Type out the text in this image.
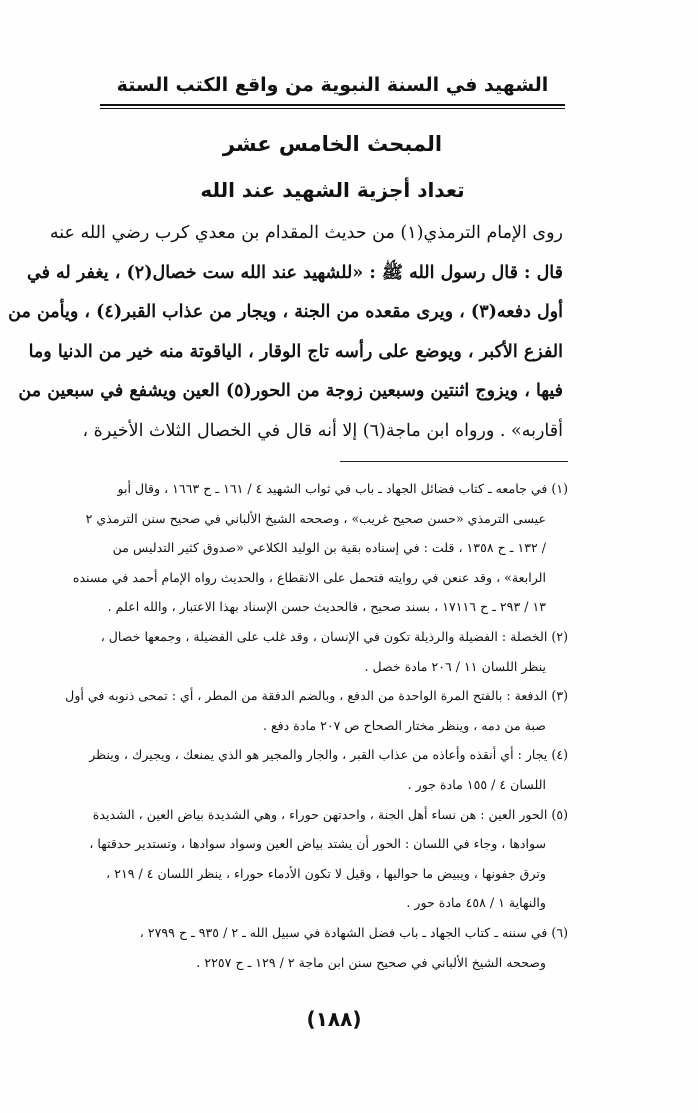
الشهيد في السنة النبوية من واقع الكتب الستة
المبحث الخامس عشر
تعداد أجزية الشهيد عند الله
روى الإمام الترمذي(١) من حديث المقدام بن معدي كرب رضي الله عنه
قال : قال رسول الله ﷺ : «للشهيد عند الله ست خصال(٢) ، يغفر له في
أول دفعه(٣) ، ويرى مقعده من الجنة ، ويجار من عذاب القبر(٤) ، ويأمن من
الفزع الأكبر ، ويوضع على رأسه تاج الوقار ، الياقوتة منه خير من الدنيا وما
فيها ، ويزوج اثنتين وسبعين زوجة من الحور(٥) العين ويشفع في سبعين من
أقاربه» . ورواه ابن ماجة(٦) إلا أنه قال في الخصال الثلاث الأخيرة ،
(١) في جامعه ـ كتاب فضائل الجهاد ـ باب في ثواب الشهيد ٤ / ١٦١ ـ ح ١٦٦٣ ، وقال أبو
عيسى الترمذي «حسن صحيح غريب» ، وصححه الشيخ الألباني في صحيح سنن الترمذي ٢
/ ١٣٢ ـ ح ١٣٥٨ ، قلت : في إسناده بقية بن الوليد الكلاعي «صدوق كثير التدليس من
الرابعة» ، وقد عنعن في روايته فتحمل على الانقطاع ، والحديث رواه الإمام أحمد في مسنده
١٣ / ٢٩٣ ـ ح ١٧١١٦ ، بسند صحيح ، فالحديث حسن الإسناد بهذا الاعتبار ، والله اعلم .
(٢) الخصلة : الفضيلة والرذيلة تكون في الإنسان ، وقد غلب على الفضيلة ، وجمعها خصال ،
ينظر اللسان ١١ / ٢٠٦ مادة خصل .
(٣) الدفعة : بالفتح المرة الواحدة من الدفع ، وبالضم الدفقة من المطر ، أي : تمحى ذنوبه في أول
صبة من دمه ، وينظر مختار الصحاح ص ٢٠٧ مادة دفع .
(٤) يجار : أي أنقذه وأعاذه من عذاب القبر ، والجار والمجير هو الذي يمنعك ، ويجيرك ، وينظر
اللسان ٤ / ١٥٥ مادة جور .
(٥) الحور العين : هن نساء أهل الجنة ، واحدتهن حوراء ، وهي الشديدة بياض العين ، الشديدة
سوادها ، وجاء في اللسان : الحور أن يشتد بياض العين وسواد سوادها ، وتستدير حدقتها ،
وترق جفونها ، ويبيض ما حواليها ، وقيل لا تكون الأدماء حوراء ، ينظر اللسان ٤ / ٢١٩ ،
والنهاية ١ / ٤٥٨ مادة حور .
(٦) في سننه ـ كتاب الجهاد ـ باب فضل الشهادة في سبيل الله ـ ٢ / ٩٣٥ ـ ح ٢٧٩٩ ،
وصححه الشيخ الألباني في صحيح سنن ابن ماجة ٢ / ١٢٩ ـ ح ٢٢٥٧ .
(١٨٨)
